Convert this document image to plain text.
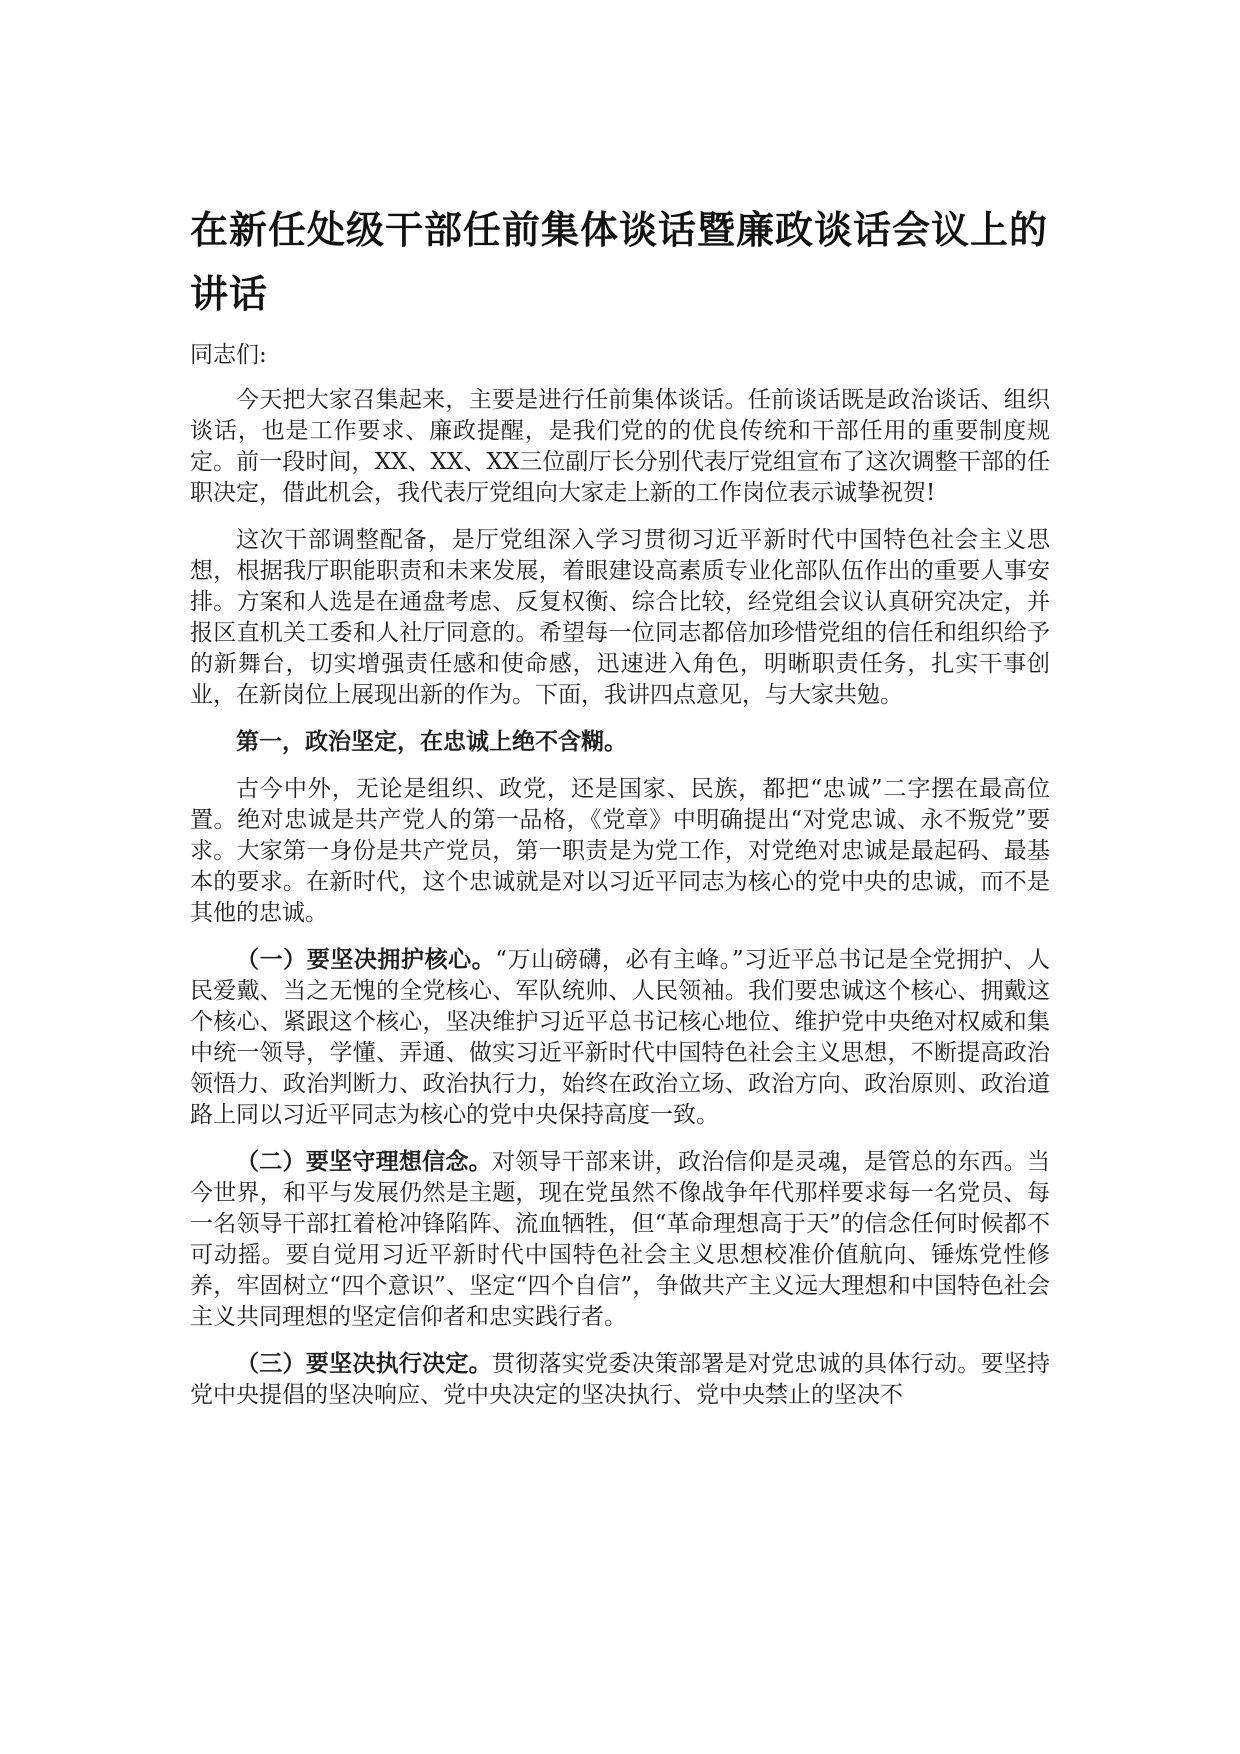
在新任处级干部任前集体谈话暨廉政谈话会议上的讲话

同志们:

今天把大家召集起来，主要是进行任前集体谈话。任前谈话既是政治谈话、组织谈话，也是工作要求、廉政提醒，是我们党的的优良传统和干部任用的重要制度规定。前一段时间，XX、XX、XX三位副厅长分别代表厅党组宣布了这次调整干部的任职决定，借此机会，我代表厅党组向大家走上新的工作岗位表示诚挚祝贺!

这次干部调整配备，是厅党组深入学习贯彻习近平新时代中国特色社会主义思想，根据我厅职能职责和未来发展，着眼建设高素质专业化部队伍作出的重要人事安排。方案和人选是在通盘考虑、反复权衡、综合比较，经党组会议认真研究决定，并报区直机关工委和人社厅同意的。希望每一位同志都倍加珍惜党组的信任和组织给予的新舞台，切实增强责任感和使命感，迅速进入角色，明晰职责任务，扎实干事创业，在新岗位上展现出新的作为。下面，我讲四点意见，与大家共勉。

第一，政治坚定，在忠诚上绝不含糊。

古今中外，无论是组织、政党，还是国家、民族，都把“忠诚”二字摆在最高位置。绝对忠诚是共产党人的第一品格，《党章》中明确提出“对党忠诚、永不叛党”要求。大家第一身份是共产党员，第一职责是为党工作，对党绝对忠诚是最起码、最基本的要求。在新时代，这个忠诚就是对以习近平同志为核心的党中央的忠诚，而不是其他的忠诚。

（一）要坚决拥护核心。“万山磅礴，必有主峰。”习近平总书记是全党拥护、人民爱戴、当之无愧的全党核心、军队统帅、人民领袖。我们要忠诚这个核心、拥戴这个核心、紧跟这个核心，坚决维护习近平总书记核心地位、维护党中央绝对权威和集中统一领导，学懂、弄通、做实习近平新时代中国特色社会主义思想，不断提高政治领悟力、政治判断力、政治执行力，始终在政治立场、政治方向、政治原则、政治道路上同以习近平同志为核心的党中央保持高度一致。

（二）要坚守理想信念。对领导干部来讲，政治信仰是灵魂，是管总的东西。当今世界，和平与发展仍然是主题，现在党虽然不像战争年代那样要求每一名党员、每一名领导干部扛着枪冲锋陷阵、流血牺牲，但“革命理想高于天”的信念任何时候都不可动摇。要自觉用习近平新时代中国特色社会主义思想校准价值航向、锤炼党性修养，牢固树立“四个意识”、坚定“四个自信”，争做共产主义远大理想和中国特色社会主义共同理想的坚定信仰者和忠实践行者。

（三）要坚决执行决定。贯彻落实党委决策部署是对党忠诚的具体行动。要坚持党中央提倡的坚决响应、党中央决定的坚决执行、党中央禁止的坚决不
